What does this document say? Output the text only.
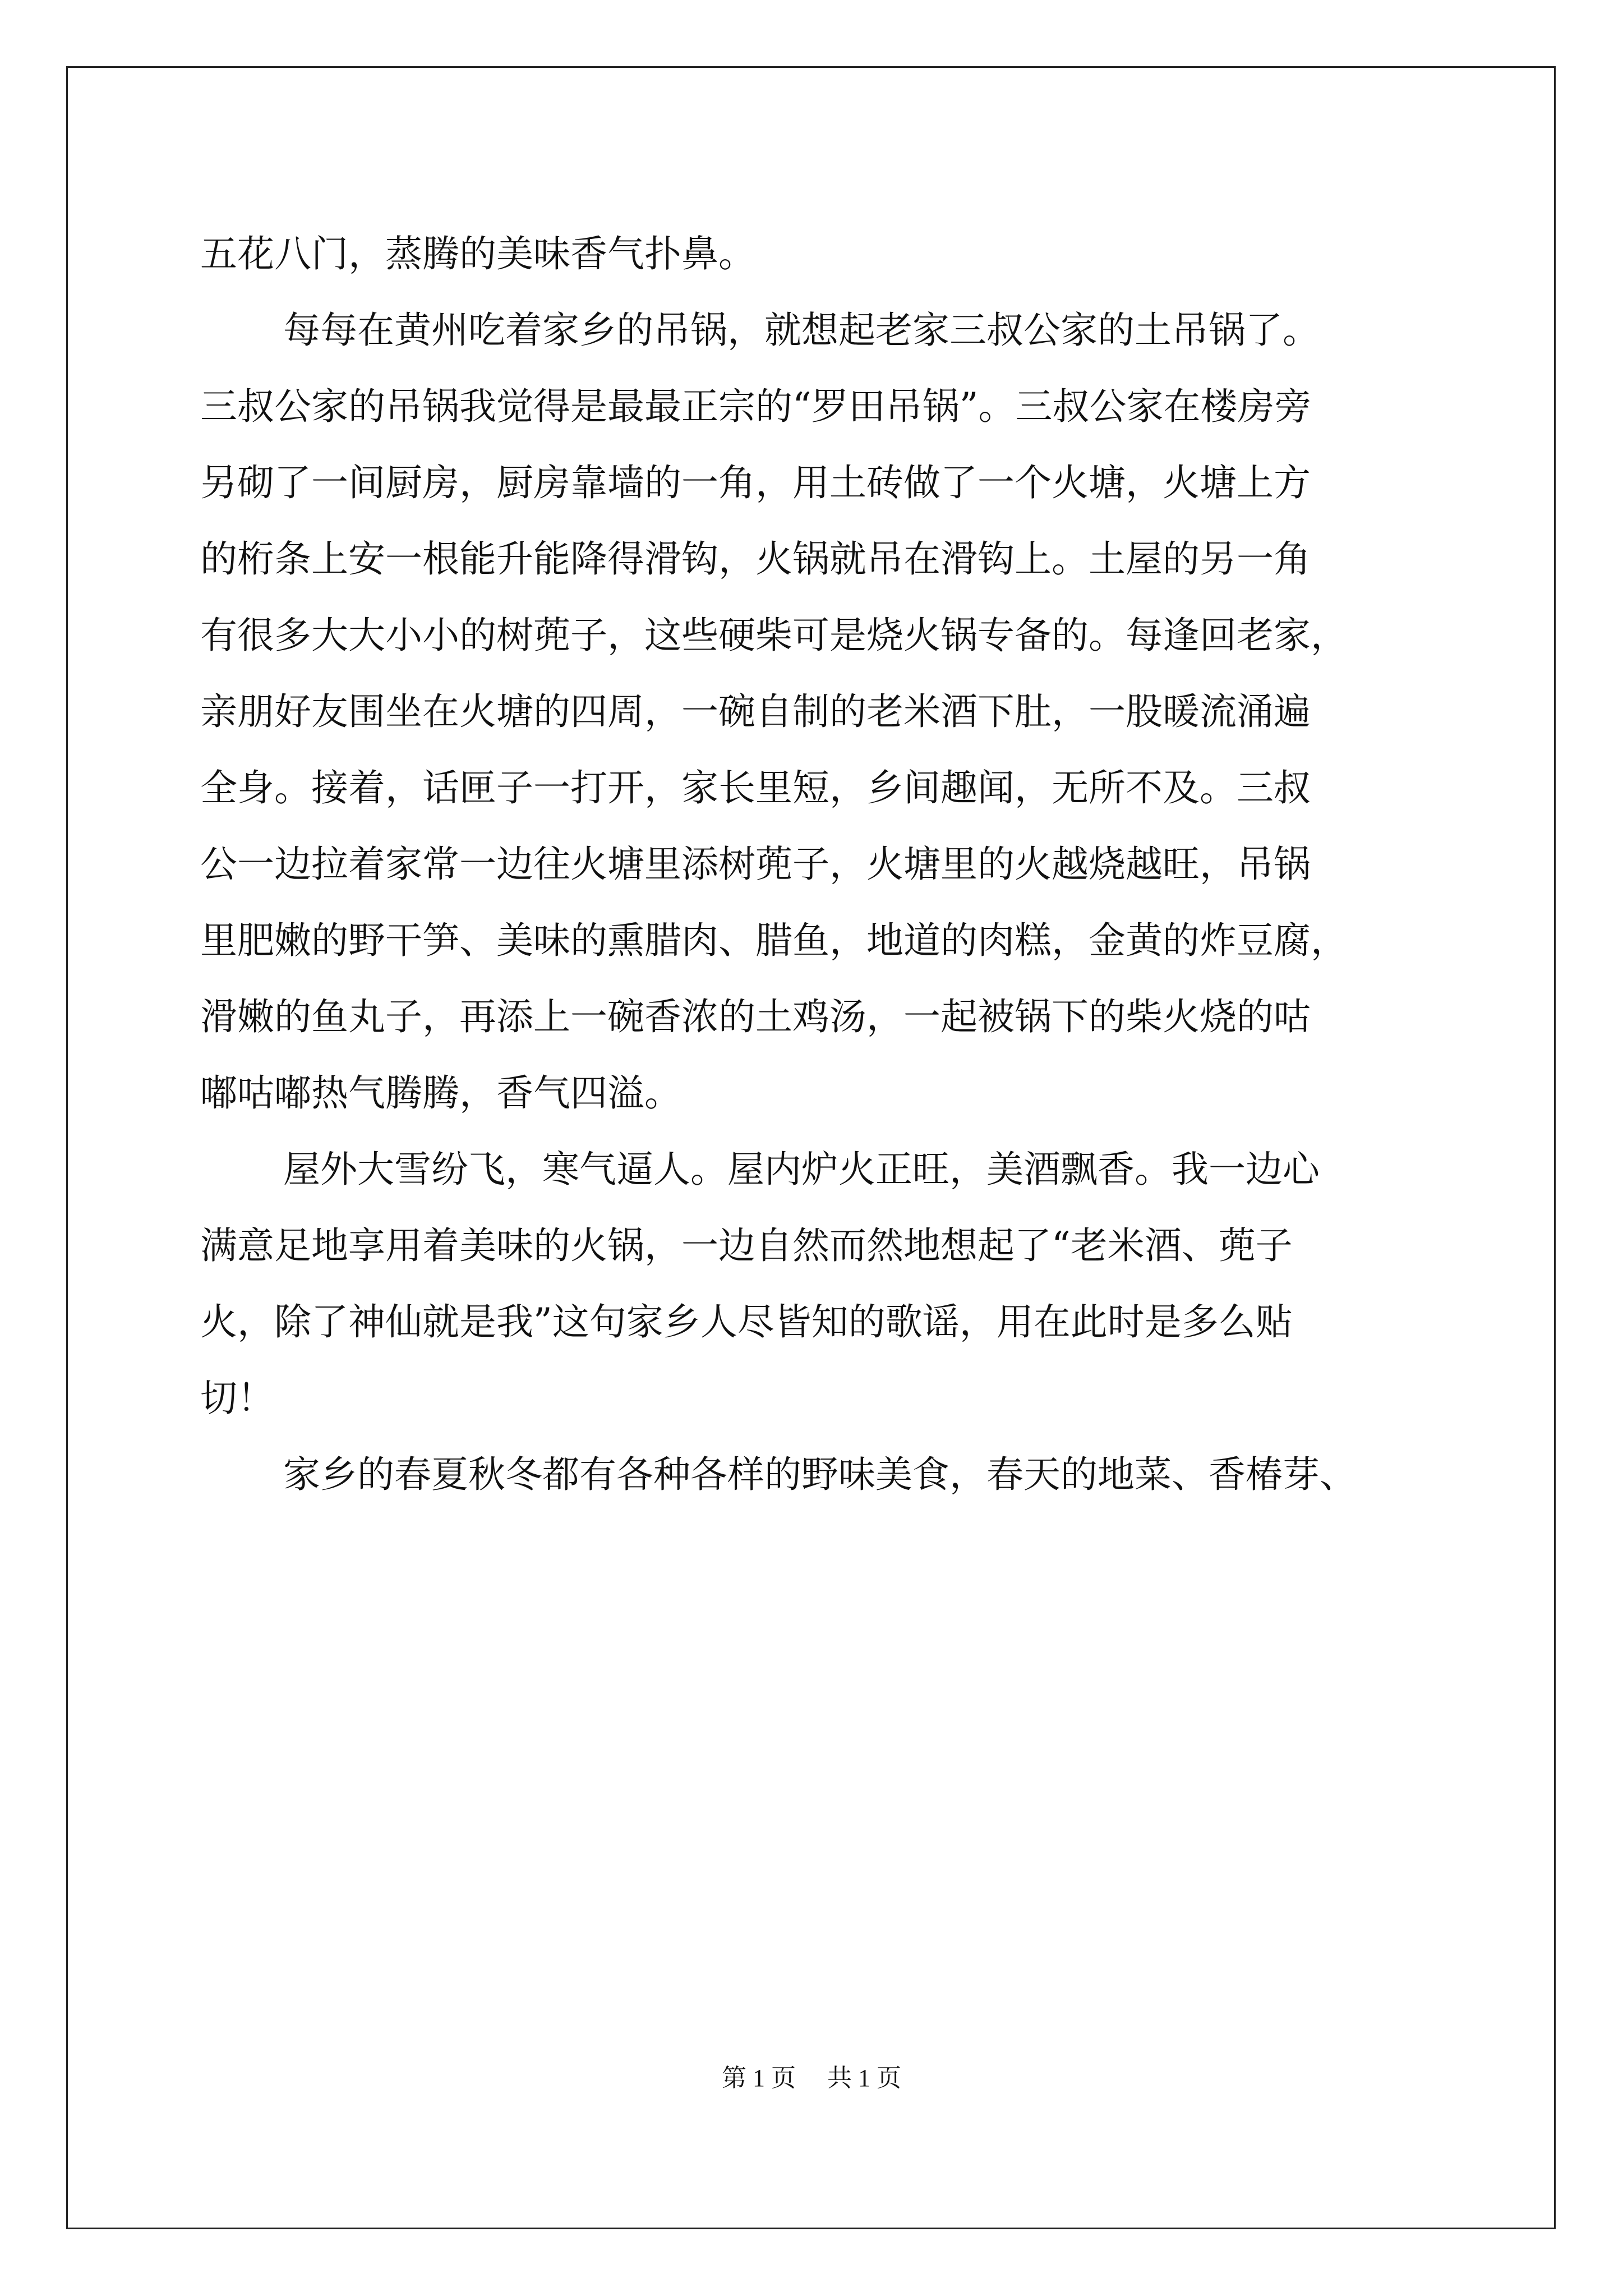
五花八门，蒸腾的美味香气扑鼻。
每每在黄州吃着家乡的吊锅，就想起老家三叔公家的土吊锅了。
三叔公家的吊锅我觉得是最最正宗的“罗田吊锅”。三叔公家在楼房旁
另砌了一间厨房，厨房靠墙的一角，用土砖做了一个火塘，火塘上方
的桁条上安一根能升能降得滑钩，火锅就吊在滑钩上。土屋的另一角
有很多大大小小的树蔸子，这些硬柴可是烧火锅专备的。每逢回老家，
亲朋好友围坐在火塘的四周，一碗自制的老米酒下肚，一股暖流涌遍
全身。接着，话匣子一打开，家长里短，乡间趣闻，无所不及。三叔
公一边拉着家常一边往火塘里添树蔸子，火塘里的火越烧越旺，吊锅
里肥嫩的野干笋、美味的熏腊肉、腊鱼，地道的肉糕，金黄的炸豆腐，
滑嫩的鱼丸子，再添上一碗香浓的土鸡汤，一起被锅下的柴火烧的咕
嘟咕嘟热气腾腾，香气四溢。
屋外大雪纷飞，寒气逼人。屋内炉火正旺，美酒飘香。我一边心
满意足地享用着美味的火锅，一边自然而然地想起了“老米酒、蔸子
火，除了神仙就是我”这句家乡人尽皆知的歌谣，用在此时是多么贴
切！
家乡的春夏秋冬都有各种各样的野味美食，春天的地菜、香椿芽、
第 1 页 共 1 页
